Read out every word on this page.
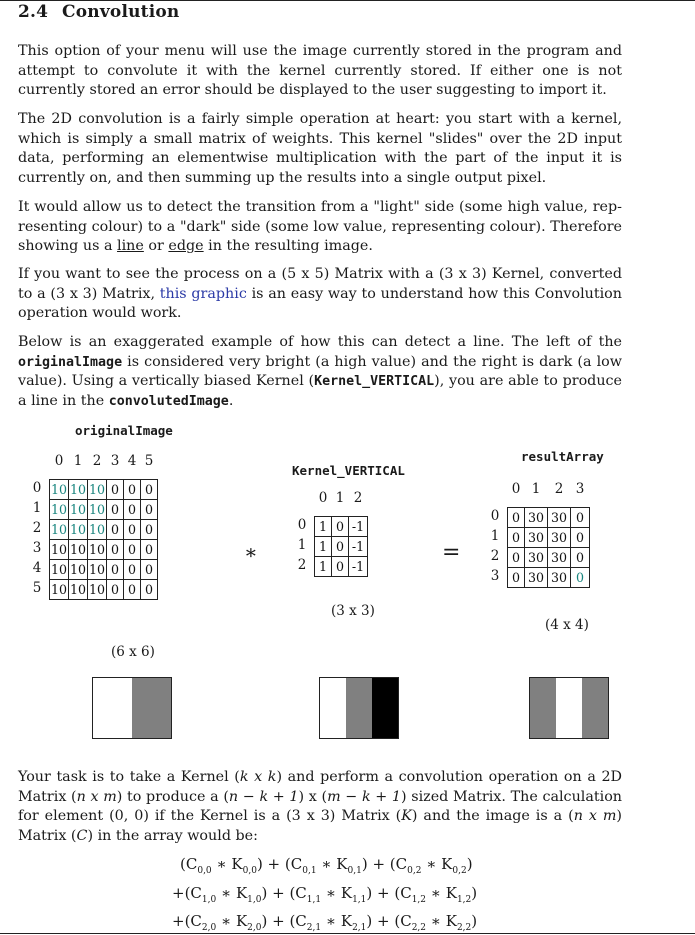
2.4 Convolution
This option of your menu will use the image currently stored in the program and attempt to convolute it with the kernel currently stored. If either one is not currently stored an error should be displayed to the user suggesting to import it.
The 2D convolution is a fairly simple operation at heart: you start with a kernel, which is simply a small matrix of weights. This kernel "slides" over the 2D input data, performing an elementwise multiplication with the part of the input it is currently on, and then summing up the results into a single output pixel.
It would allow us to detect the transition from a "light" side (some high value, rep- resenting colour) to a "dark" side (some low value, representing colour). Therefore showing us a line or edge in the resulting image.
If you want to see the process on a (5 x 5) Matrix with a (3 x 3) Kernel, converted to a (3 x 3) Matrix, this graphic is an easy way to understand how this Convolution operation would work.
Below is an exaggerated example of how this can detect a line. The left of the originalImage is considered very bright (a high value) and the right is dark (a low value). Using a vertically biased Kernel (Kernel_VERTICAL), you are able to produce a line in the convolutedImage.
originalImage
0 1 2 3 4 5
0
1
2
3
4
5
10	10	10	0	0	0
10	10	10	0	0	0
10	10	10	0	0	0
10	10	10	0	0	0
10	10	10	0	0	0
10	10	10	0	0	0
(6 x 6)
∗
Kernel_VERTICAL
0 1 2
0
1
2
1	0	-1
1	0	-1
1	0	-1
(3 x 3)
=
resultArray
0 1	2 3
0
1
2
3
0	30	30	0
0	30	30	0
0	30	30	0
0	30	30	0
(4 x 4)
Your task is to take a Kernel (k x k) and perform a convolution operation on a 2D Matrix (n x m) to produce a (n − k + 1) x (m − k + 1) sized Matrix. The calculation for element (0, 0) if the Kernel is a (3 x 3) Matrix (K) and the image is a (n x m) Matrix (C) in the array would be:
($C_{0,0}$ ∗ $K_{0,0}) + (C_{0,1}$ ∗ $K_{0,1}) + (C_{0,2}$ ∗ $K_{0,2}$)
$+(C_{1,0}$ ∗ $K_{1,0}) + (C_{1,1}$ ∗ $K_{1,1}) + (C_{1,2}$ ∗ $K_{1,2}$)
$+(C_{2,0}$ ∗ $K_{2,0}) + (C_{2,1}$ ∗ $K_{2,1}) + (C_{2,2}$ ∗ $K_{2,2}$)
